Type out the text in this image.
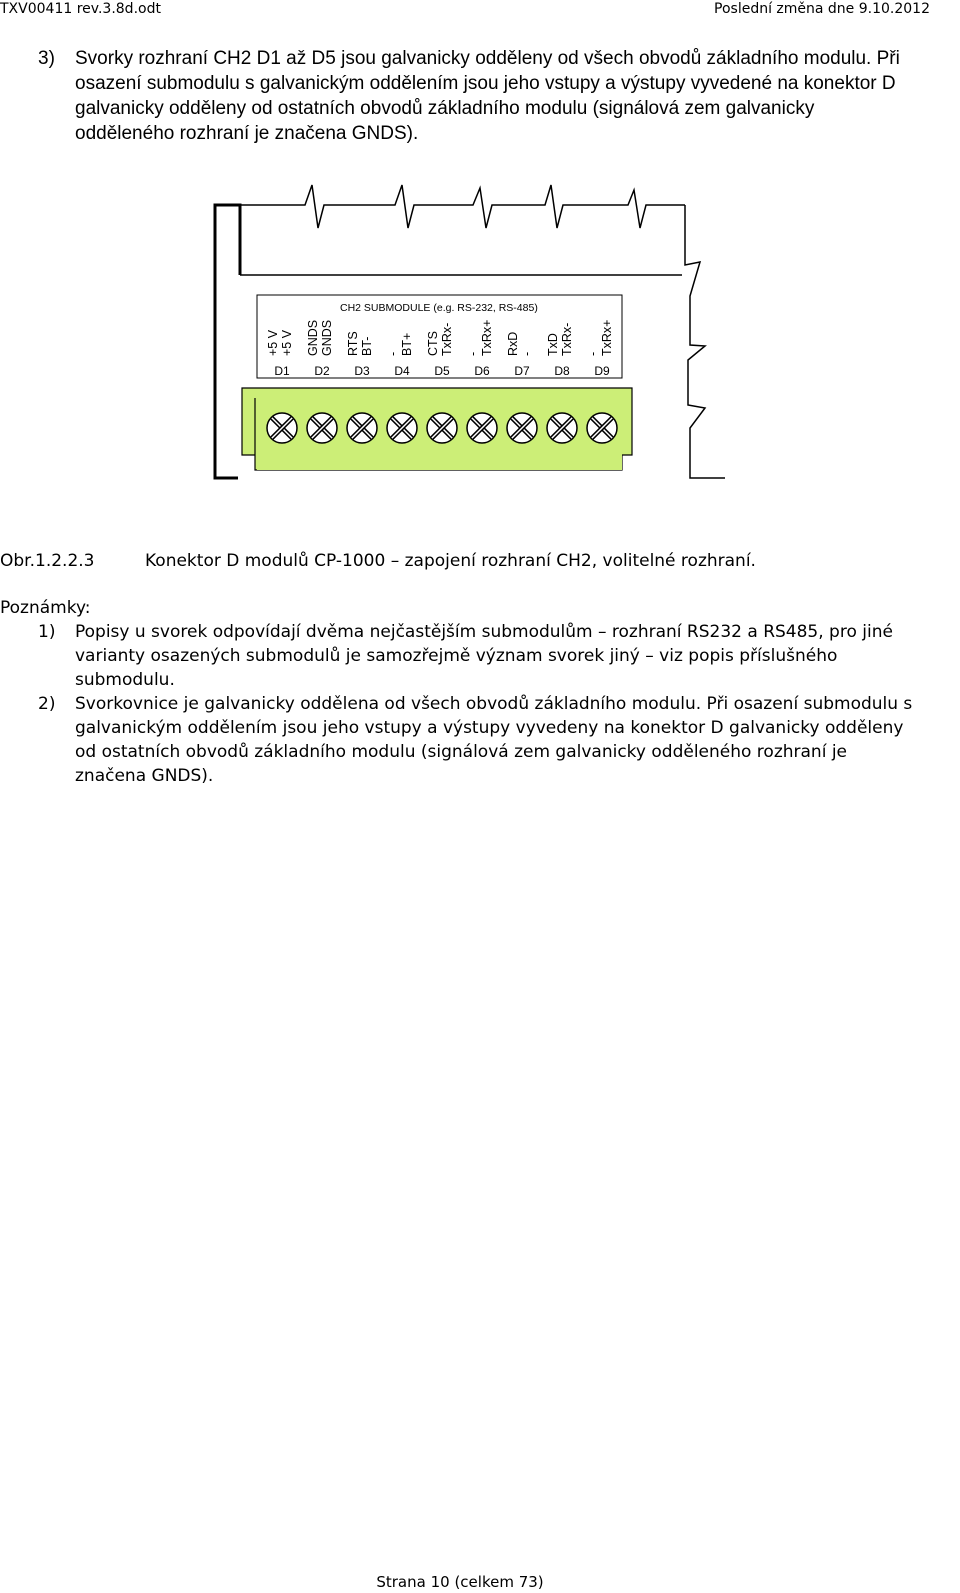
TXV00411 rev.3.8d.odt	Poslední změna dne 9.10.2012
3) Svorky rozhraní CH2 D1 až D5 jsou galvanicky odděleny od všech obvodů základního modulu. Při
osazení submodulu s galvanickým oddělením jsou jeho vstupy a výstupy vyvedené na konektor D
galvanicky odděleny od ostatních obvodů základního modulu (signálová zem galvanicky
odděleného rozhraní je značena GNDS).
CH2 SUBMODULE (e.g. RS-232, RS-485)
+5 V +5 V
D1
GNDS GNDS
D2
RTS BT-
D3
- BT+
D4
CTS TxRx-
D5
- TxRx+
D6
RxD -
D7
TxD TxRx-
D8
- TxRx+
D9
Obr.1.2.2.3	Konektor D modulů CP-1000 – zapojení rozhraní CH2, volitelné rozhraní.
Poznámky:
1) Popisy u svorek odpovídají dvěma nejčastějším submodulům – rozhraní RS232 a RS485, pro jiné
varianty osazených submodulů je samozřejmě význam svorek jiný – viz popis příslušného
submodulu.
2) Svorkovnice je galvanicky oddělena od všech obvodů základního modulu. Při osazení submodulu s
galvanickým oddělením jsou jeho vstupy a výstupy vyvedeny na konektor D galvanicky odděleny
od ostatních obvodů základního modulu (signálová zem galvanicky odděleného rozhraní je
značena GNDS).
Strana 10 (celkem 73)
